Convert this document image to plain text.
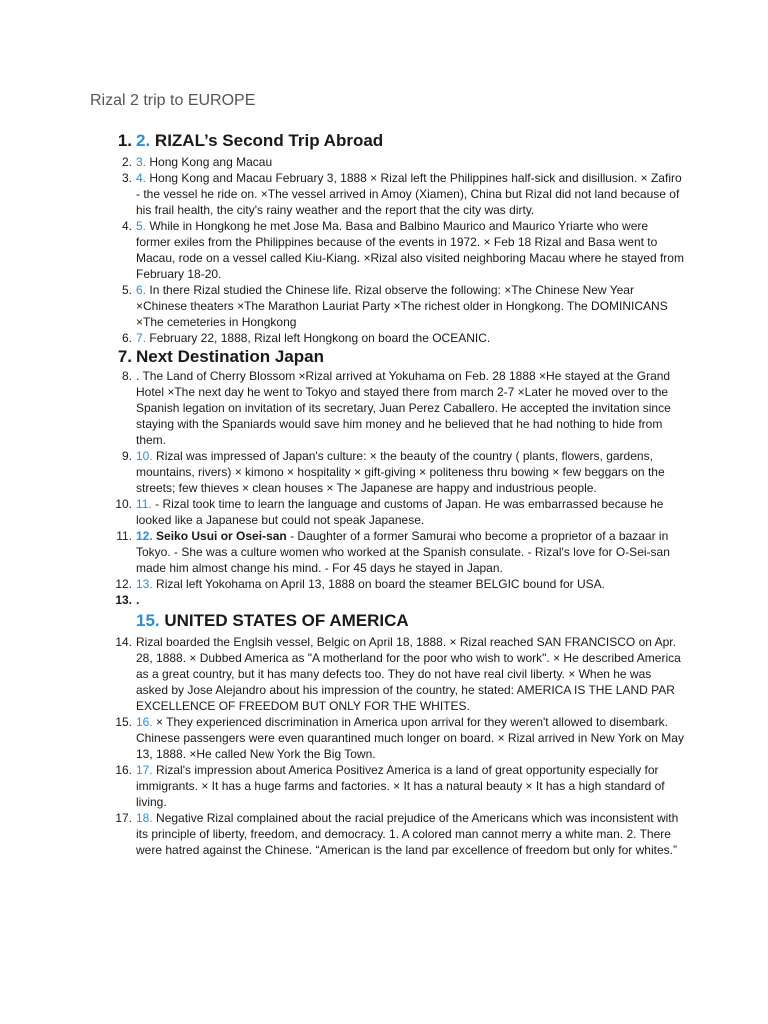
Rizal 2 trip to EUROPE
1. 2. RIZAL’s Second Trip Abroad
2. 3. Hong Kong ang Macau
3. 4. Hong Kong and Macau February 3, 1888 × Rizal left the Philippines half-sick and disillusion. × Zafiro - the vessel he ride on. ×The vessel arrived in Amoy (Xiamen), China but Rizal did not land because of his frail health, the city's rainy weather and the report that the city was dirty.
4. 5. While in Hongkong he met Jose Ma. Basa and Balbino Maurico and Maurico Yriarte who were former exiles from the Philippines because of the events in 1972. × Feb 18 Rizal and Basa went to Macau, rode on a vessel called Kiu-Kiang. ×Rizal also visited neighboring Macau where he stayed from February 18-20.
5. 6. In there Rizal studied the Chinese life. Rizal observe the following: ×The Chinese New Year ×Chinese theaters ×The Marathon Lauriat Party ×The richest older in Hongkong. The DOMINICANS ×The cemeteries in Hongkong
6. 7. February 22, 1888, Rizal left Hongkong on board the OCEANIC.
7. Next Destination Japan
8. . The Land of Cherry Blossom ×Rizal arrived at Yokuhama on Feb. 28 1888 ×He stayed at the Grand Hotel ×The next day he went to Tokyo and stayed there from march 2-7 ×Later he moved over to the Spanish legation on invitation of its secretary, Juan Perez Caballero. He accepted the invitation since staying with the Spaniards would save him money and he believed that he had nothing to hide from them.
9. 10. Rizal was impressed of Japan's culture: × the beauty of the country ( plants, flowers, gardens, mountains, rivers) × kimono × hospitality × gift-giving × politeness thru bowing × few beggars on the streets; few thieves × clean houses × The Japanese are happy and industrious people.
10. 11. - Rizal took time to learn the language and customs of Japan. He was embarrassed because he looked like a Japanese but could not speak Japanese.
11. 12. Seiko Usui or Osei-san - Daughter of a former Samurai who become a proprietor of a bazaar in Tokyo. - She was a culture women who worked at the Spanish consulate. - Rizal's love for O-Sei-san made him almost change his mind. - For 45 days he stayed in Japan.
12. 13. Rizal left Yokohama on April 13, 1888 on board the steamer BELGIC bound for USA.
13. .
15. UNITED STATES OF AMERICA
14. Rizal boarded the Englsih vessel, Belgic on April 18, 1888. × Rizal reached SAN FRANCISCO on Apr. 28, 1888. × Dubbed America as "A motherland for the poor who wish to work". × He described America as a great country, but it has many defects too. They do not have real civil liberty. × When he was asked by Jose Alejandro about his impression of the country, he stated: AMERICA IS THE LAND PAR EXCELLENCE OF FREEDOM BUT ONLY FOR THE WHITES.
15. 16. × They experienced discrimination in America upon arrival for they weren't allowed to disembark. Chinese passengers were even quarantined much longer on board. × Rizal arrived in New York on May 13, 1888. ×He called New York the Big Town.
16. 17. Rizal's impression about America Positivez America is a land of great opportunity especially for immigrants. × It has a huge farms and factories. × It has a natural beauty × It has a high standard of living.
17. 18. Negative Rizal complained about the racial prejudice of the Americans which was inconsistent with its principle of liberty, freedom, and democracy. 1. A colored man cannot merry a white man. 2. There were hatred against the Chinese. “American is the land par excellence of freedom but only for whites.”
